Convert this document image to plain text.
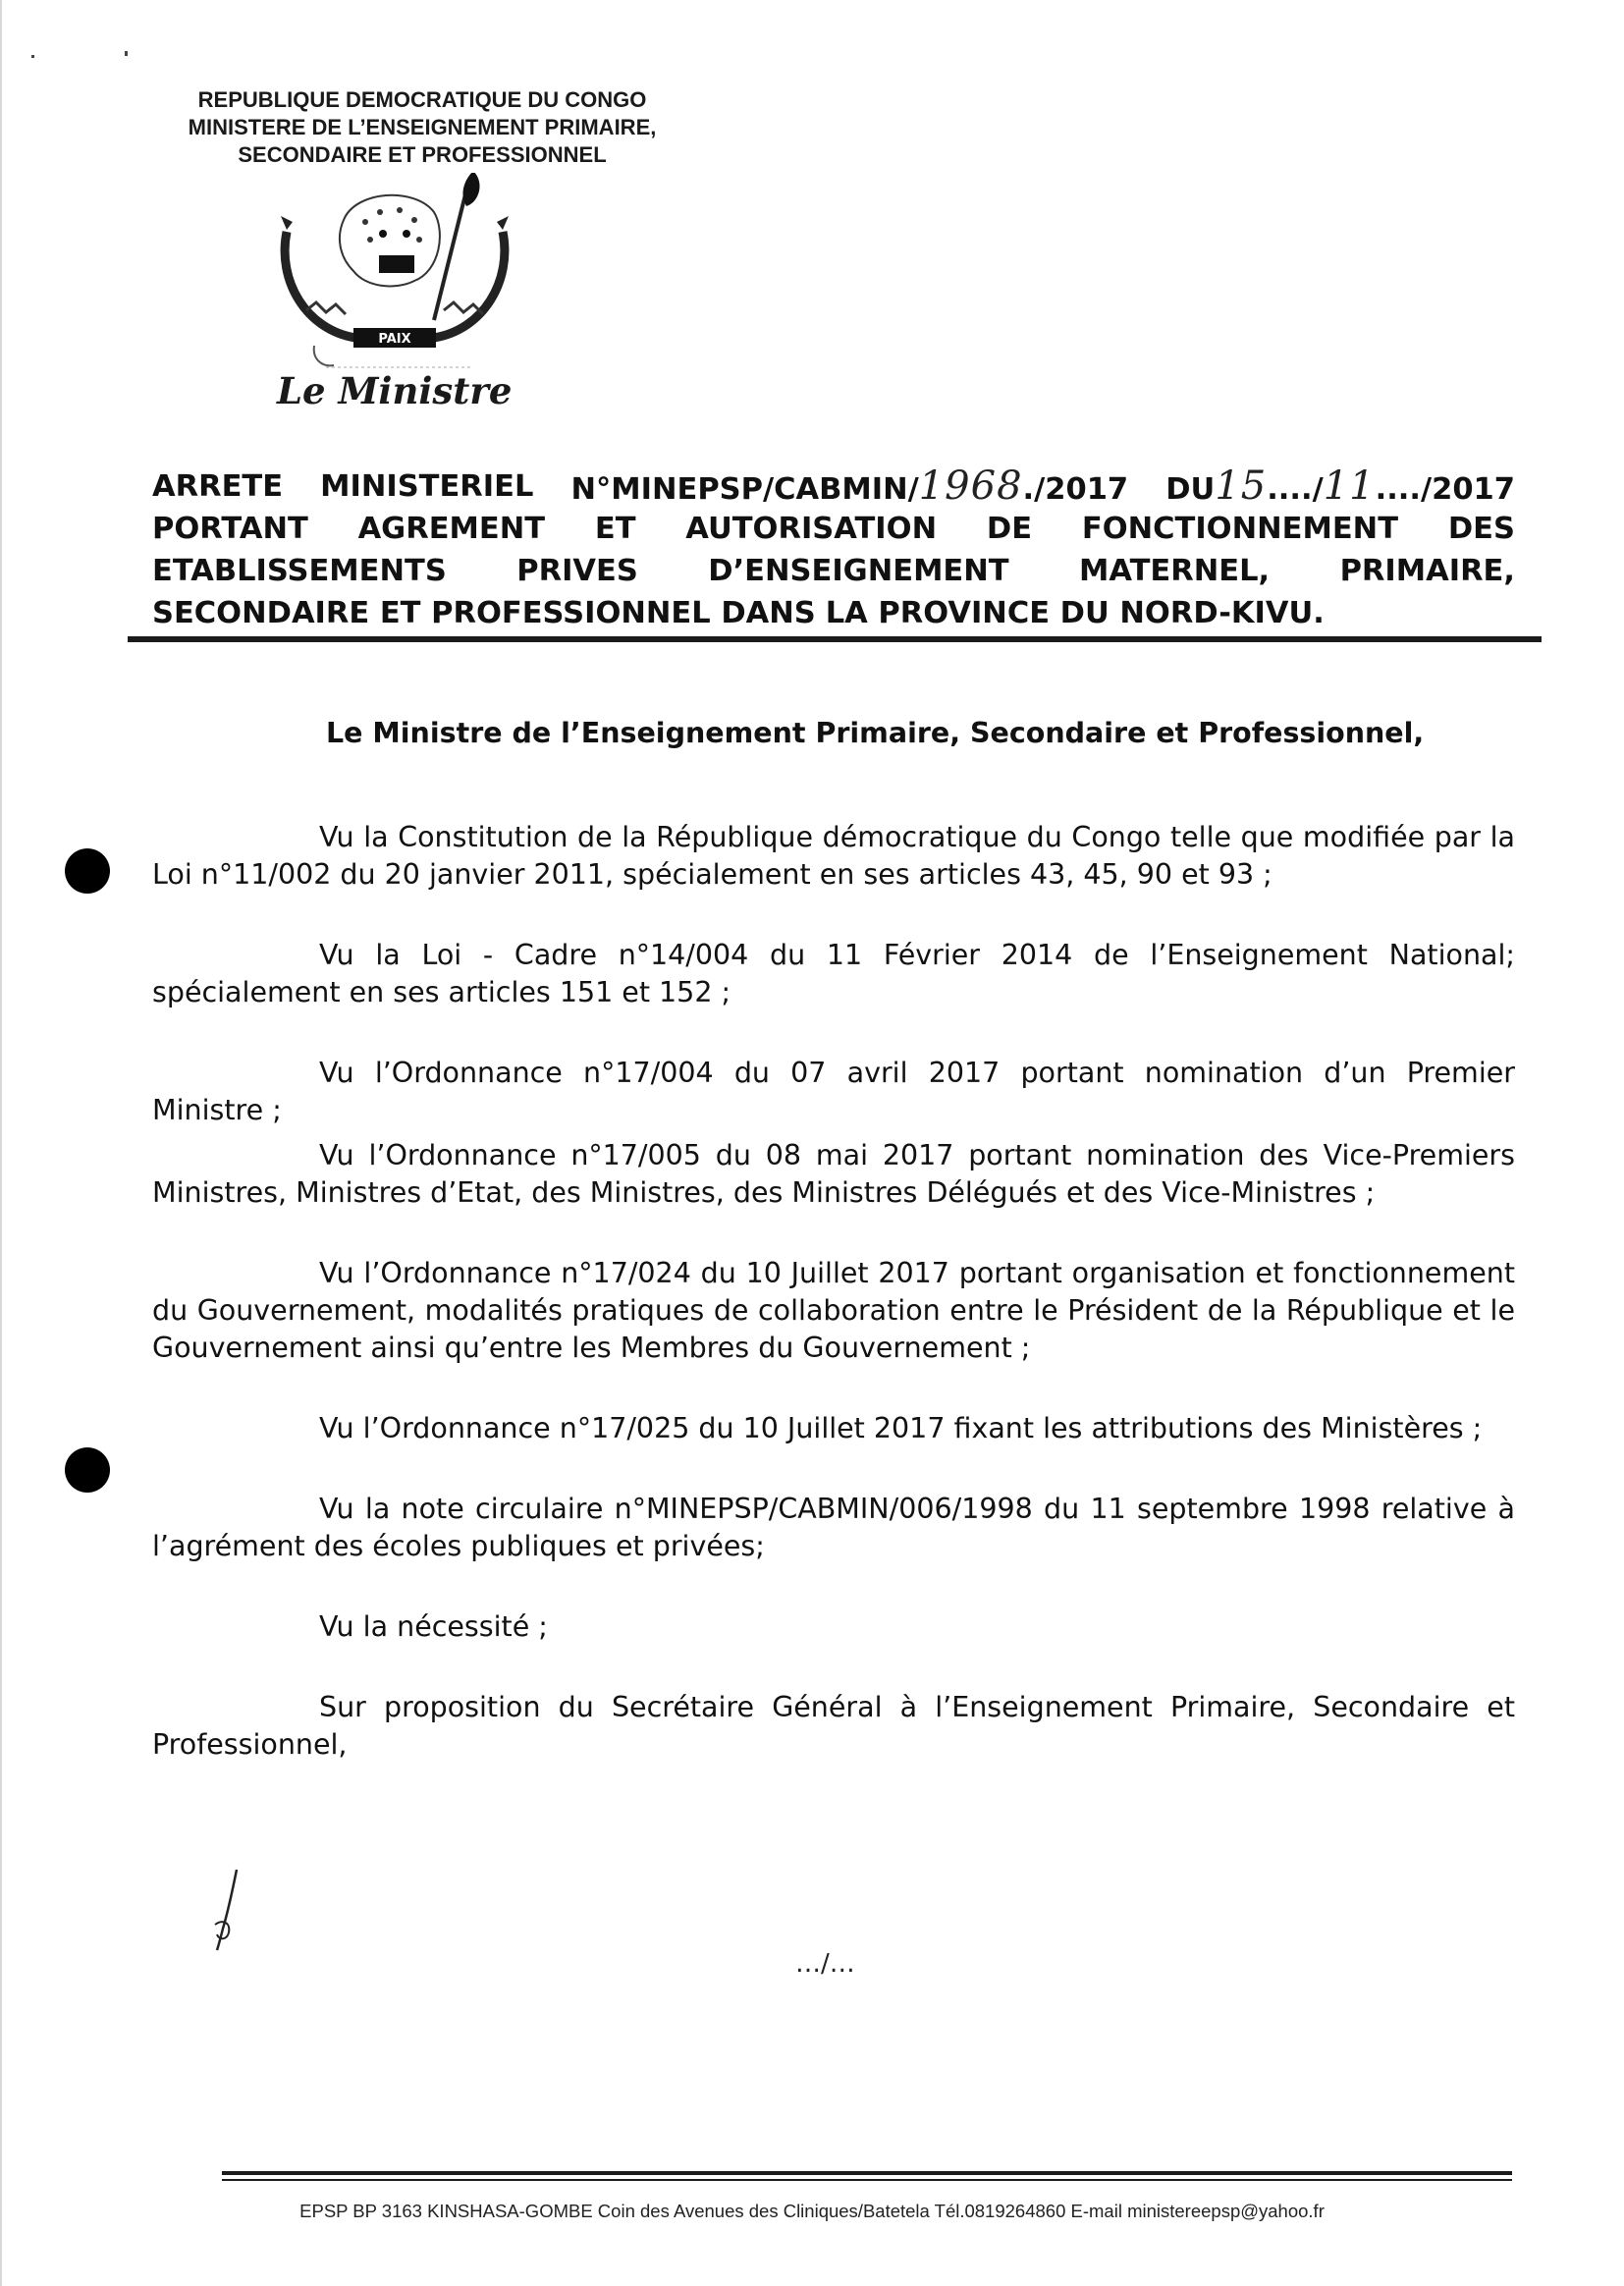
REPUBLIQUE DEMOCRATIQUE DU CONGO
MINISTERE DE L’ENSEIGNEMENT PRIMAIRE,
SECONDAIRE ET PROFESSIONNEL
PAIX
Le Ministre
ARRETE MINISTERIEL N°MINEPSP/CABMIN/1968./2017 DU15..../11..../2017
PORTANT AGREMENT ET AUTORISATION DE FONCTIONNEMENT DES
ETABLISSEMENTS PRIVES D’ENSEIGNEMENT MATERNEL, PRIMAIRE,
SECONDAIRE ET PROFESSIONNEL DANS LA PROVINCE DU NORD-KIVU.
Le Ministre de l’Enseignement Primaire, Secondaire et Professionnel,

Vu la Constitution de la République démocratique du Congo telle que modifiée par la Loi n°11/002 du 20 janvier 2011, spécialement en ses articles 43, 45, 90 et 93 ;

Vu la Loi - Cadre n°14/004 du 11 Février 2014 de l’Enseignement National; spécialement en ses articles 151 et 152 ;

Vu l’Ordonnance n°17/004 du 07 avril 2017 portant nomination d’un Premier Ministre ;

Vu l’Ordonnance n°17/005 du 08 mai 2017 portant nomination des Vice-Premiers Ministres, Ministres d’Etat, des Ministres, des Ministres Délégués et des Vice-Ministres ;

Vu l’Ordonnance n°17/024 du 10 Juillet 2017 portant organisation et fonctionnement du Gouvernement, modalités pratiques de collaboration entre le Président de la République et le Gouvernement ainsi qu’entre les Membres du Gouvernement ;

Vu l’Ordonnance n°17/025 du 10 Juillet 2017 fixant les attributions des Ministères ;

Vu la note circulaire n°MINEPSP/CABMIN/006/1998 du 11 septembre 1998 relative à l’agrément des écoles publiques et privées;

Vu la nécessité ;

Sur proposition du Secrétaire Général à l’Enseignement Primaire, Secondaire et Professionnel,

…/…
EPSP BP 3163 KINSHASA-GOMBE Coin des Avenues des Cliniques/Batetela Tél.0819264860 E-mail ministereepsp@yahoo.fr
